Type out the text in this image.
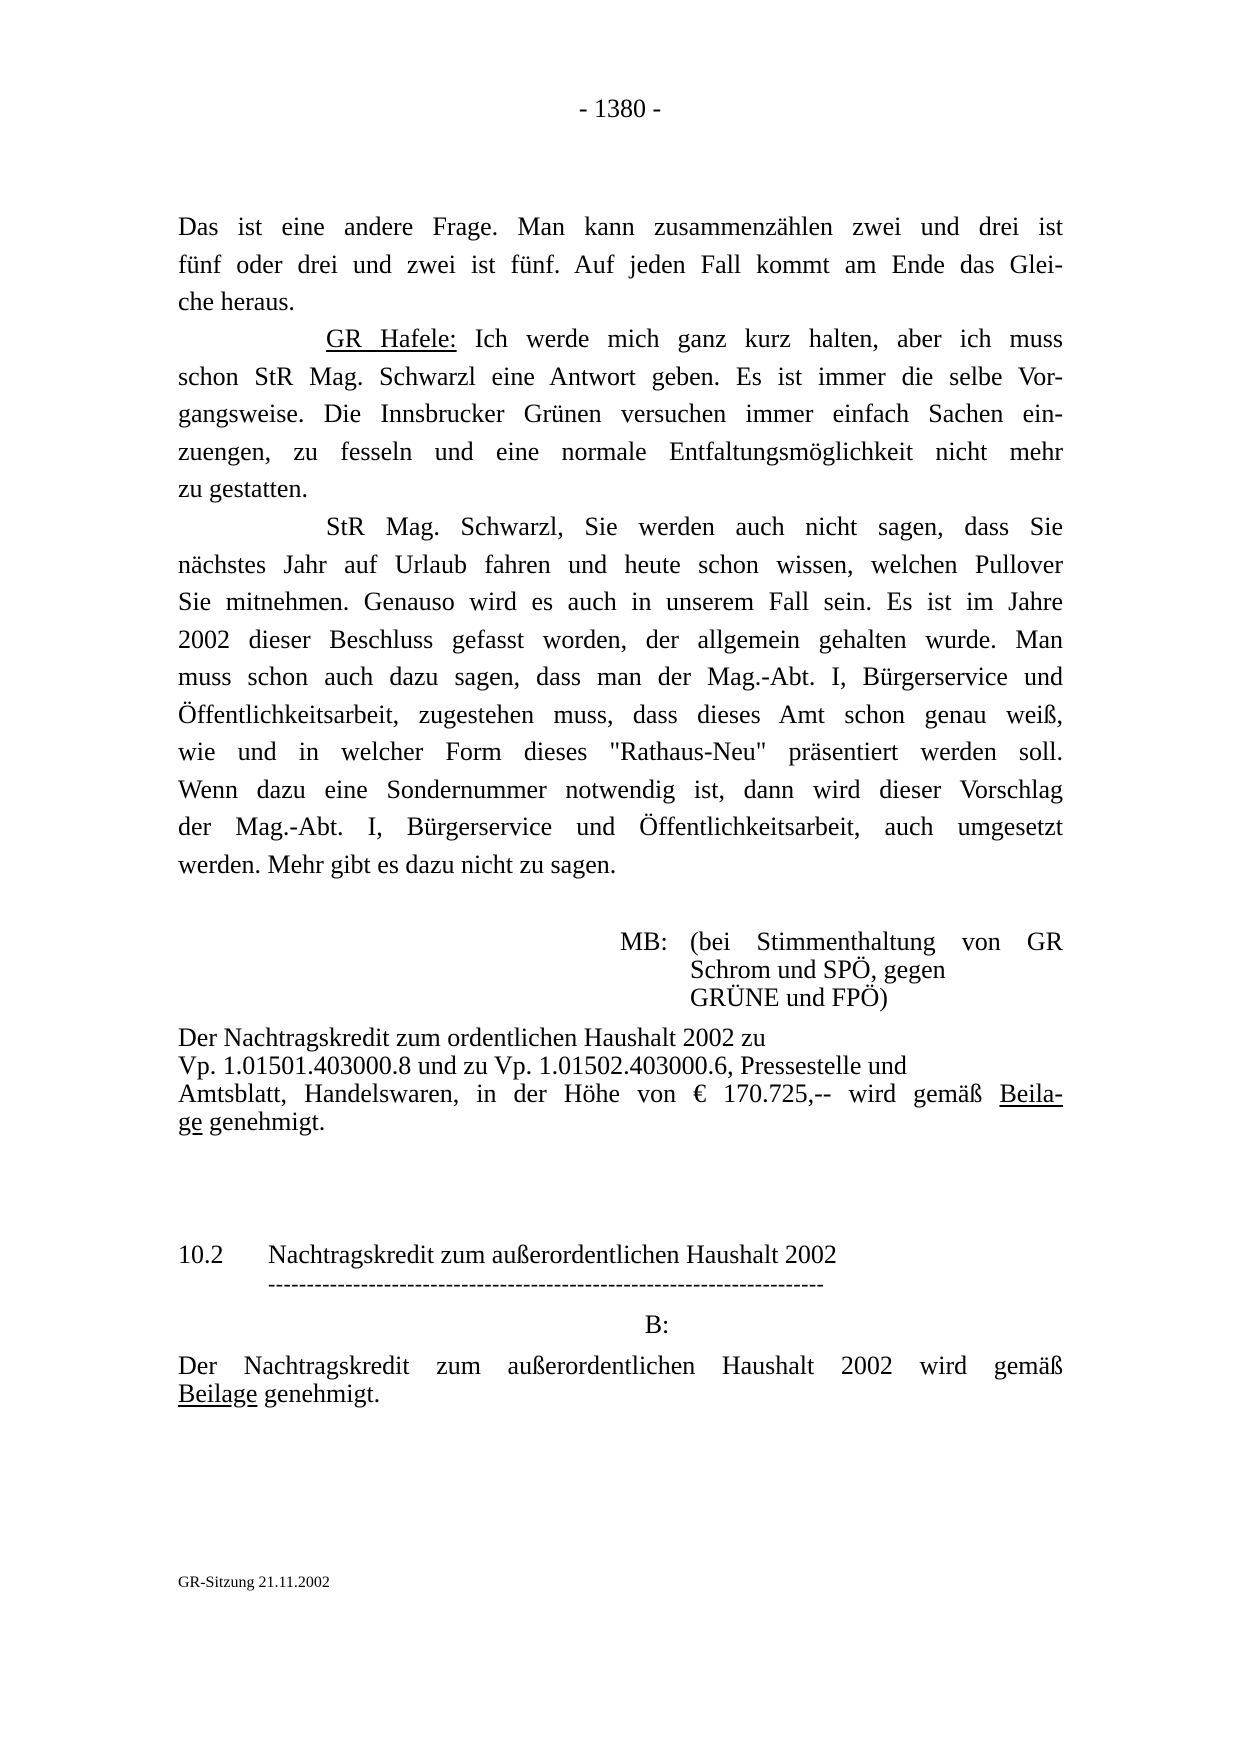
- 1380 -
Das ist eine andere Frage. Man kann zusammenzählen zwei und drei ist
fünf oder drei und zwei ist fünf. Auf jeden Fall kommt am Ende das Glei-
che heraus.
GR Hafele: Ich werde mich ganz kurz halten, aber ich muss
schon StR Mag. Schwarzl eine Antwort geben. Es ist immer die selbe Vor-
gangsweise. Die Innsbrucker Grünen versuchen immer einfach Sachen ein-
zuengen, zu fesseln und eine normale Entfaltungsmöglichkeit nicht mehr
zu gestatten.
StR Mag. Schwarzl, Sie werden auch nicht sagen, dass Sie
nächstes Jahr auf Urlaub fahren und heute schon wissen, welchen Pullover
Sie mitnehmen. Genauso wird es auch in unserem Fall sein. Es ist im Jahre
2002 dieser Beschluss gefasst worden, der allgemein gehalten wurde. Man
muss schon auch dazu sagen, dass man der Mag.-Abt. I, Bürgerservice und
Öffentlichkeitsarbeit, zugestehen muss, dass dieses Amt schon genau weiß,
wie und in welcher Form dieses "Rathaus-Neu" präsentiert werden soll.
Wenn dazu eine Sondernummer notwendig ist, dann wird dieser Vorschlag
der Mag.-Abt. I, Bürgerservice und Öffentlichkeitsarbeit, auch umgesetzt
werden. Mehr gibt es dazu nicht zu sagen.
MB: (bei Stimmenthaltung von GR
Schrom und SPÖ, gegen
GRÜNE und FPÖ)
Der Nachtragskredit zum ordentlichen Haushalt 2002 zu
Vp. 1.01501.403000.8 und zu Vp. 1.01502.403000.6, Pressestelle und
Amtsblatt, Handelswaren, in der Höhe von € 170.725,-- wird gemäß Beila-
ge genehmigt.
10.2 Nachtragskredit zum außerordentlichen Haushalt 2002
------------------------------------------------------------------------
B:
Der Nachtragskredit zum außerordentlichen Haushalt 2002 wird gemäß
Beilage genehmigt.
GR-Sitzung 21.11.2002
